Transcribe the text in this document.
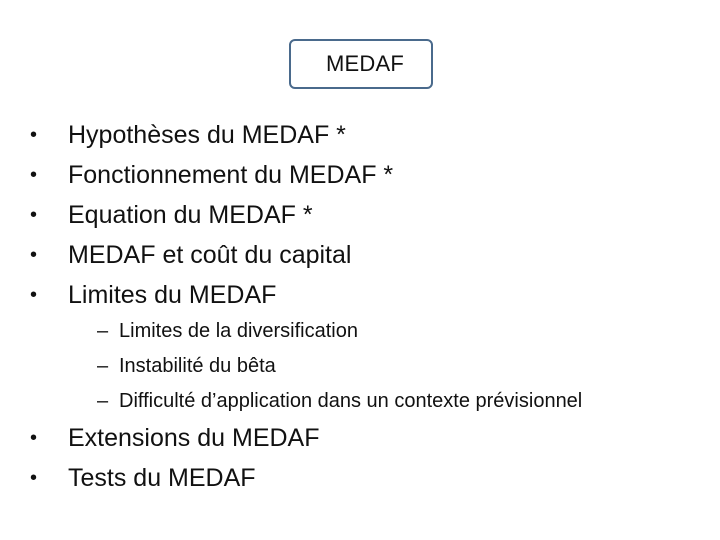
MEDAF
•	Hypothèses du MEDAF *
•	Fonctionnement du MEDAF *
•	Equation du MEDAF *
•	MEDAF et coût du capital
•	Limites du MEDAF
– Limites de la diversification
– Instabilité du bêta
– Difficulté d’application dans un contexte prévisionnel
•	Extensions du MEDAF
•	Tests du MEDAF
